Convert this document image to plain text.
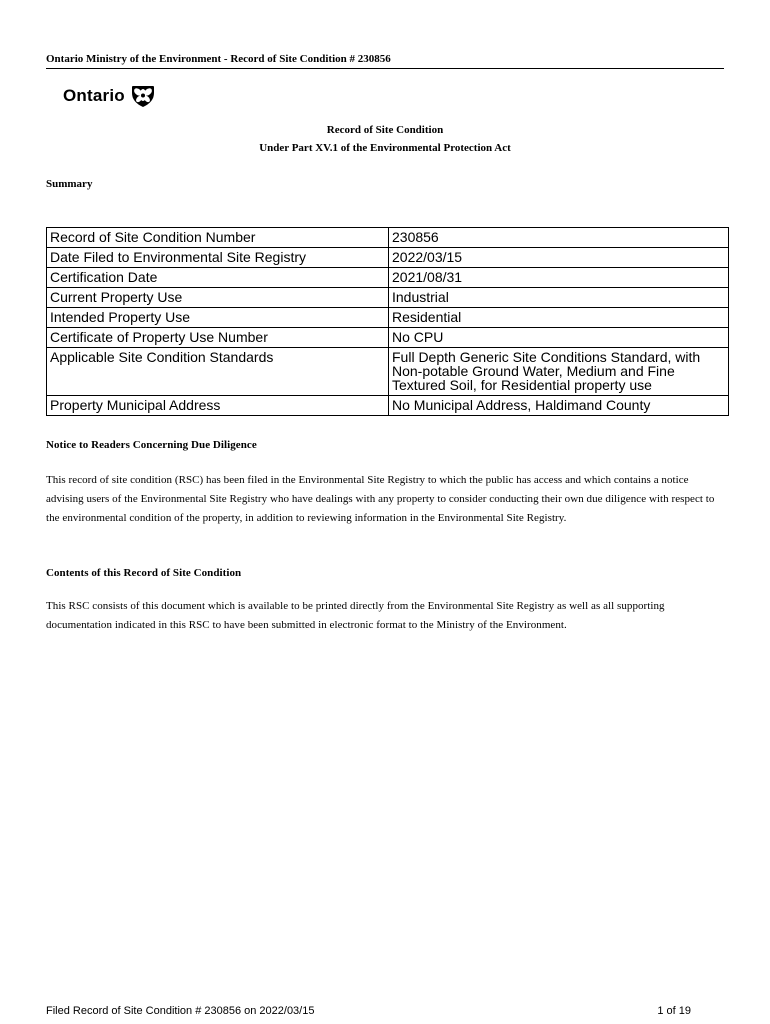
Ontario Ministry of the Environment - Record of Site Condition # 230856
Ontario
Record of Site Condition
Under Part XV.1 of the Environmental Protection Act
Summary
Record of Site Condition Number	230856
Date Filed to Environmental Site Registry	2022/03/15
Certification Date	2021/08/31
Current Property Use	Industrial
Intended Property Use	Residential
Certificate of Property Use Number	No CPU
Applicable Site Condition Standards	Full Depth Generic Site Conditions Standard, with Non-potable Ground Water, Medium and Fine Textured Soil, for Residential property use
Property Municipal Address	No Municipal Address, Haldimand County
Notice to Readers Concerning Due Diligence
This record of site condition (RSC) has been filed in the Environmental Site Registry to which the public has access and which contains a notice advising users of the Environmental Site Registry who have dealings with any property to consider conducting their own due diligence with respect to the environmental condition of the property, in addition to reviewing information in the Environmental Site Registry.
Contents of this Record of Site Condition
This RSC consists of this document which is available to be printed directly from the Environmental Site Registry as well as all supporting documentation indicated in this RSC to have been submitted in electronic format to the Ministry of the Environment.
Filed Record of Site Condition # 230856 on 2022/03/15	1 of 19
